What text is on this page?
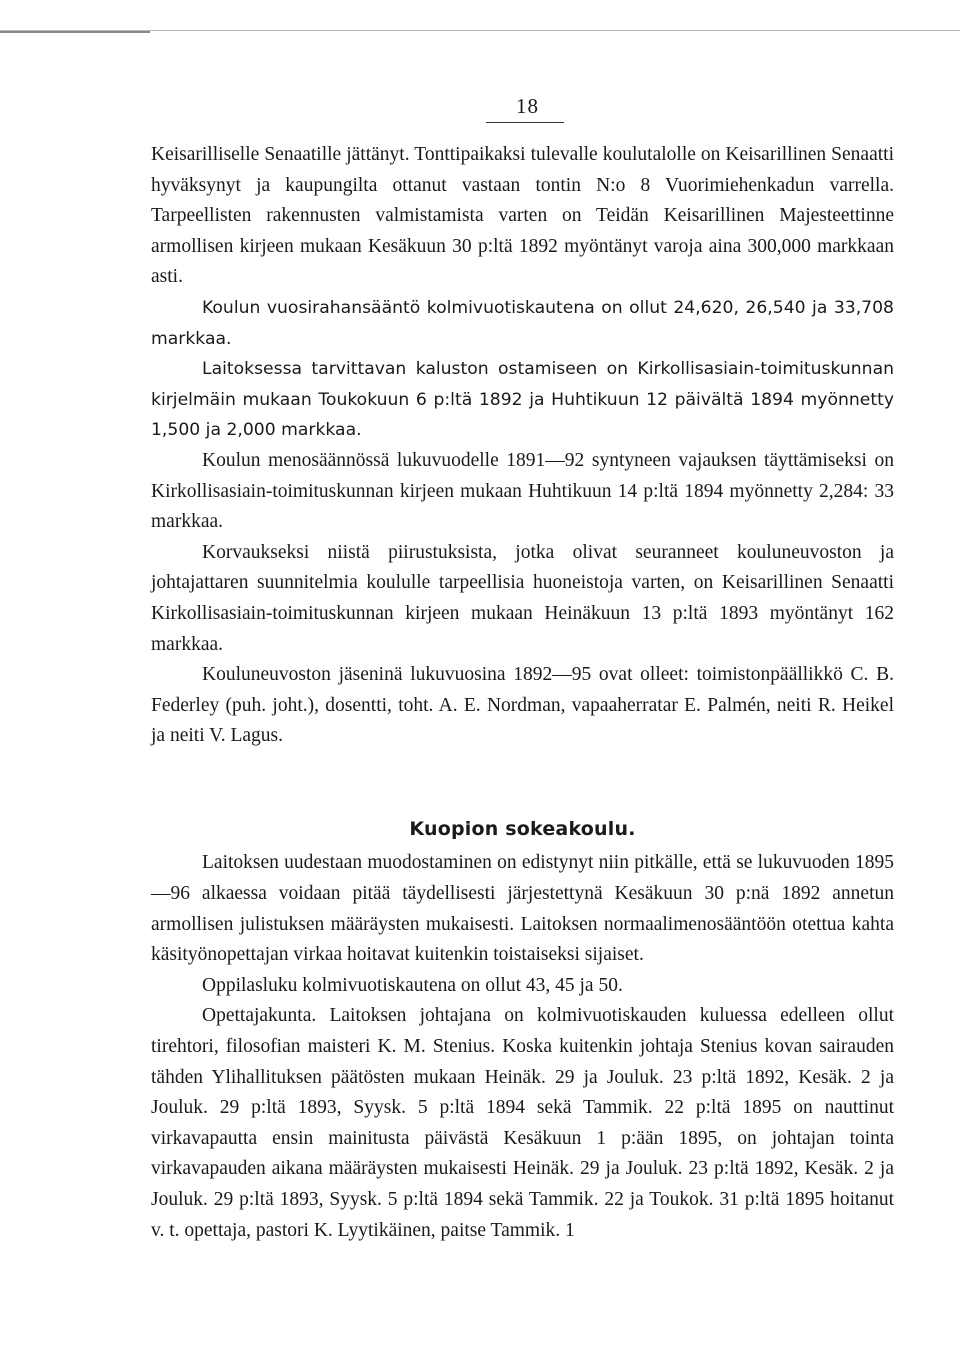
18

Keisarilliselle Senaatille jättänyt. Tonttipaikaksi tulevalle koulutalolle on Keisarillinen Senaatti hyväksynyt ja kaupungilta ottanut vastaan tontin N:o 8 Vuorimiehenkadun varrella. Tarpeellisten rakennusten valmistamista varten on Teidän Keisarillinen Majesteettinne armollisen kirjeen mukaan Kesäkuun 30 p:ltä 1892 myöntänyt varoja aina 300,000 markkaan asti.

Koulun vuosirahansääntö kolmivuotiskautena on ollut 24,620, 26,540 ja 33,708 markkaa.

Laitoksessa tarvittavan kaluston ostamiseen on Kirkollisasiain-toimituskunnan kirjelmäin mukaan Toukokuun 6 p:ltä 1892 ja Huhtikuun 12 päivältä 1894 myönnetty 1,500 ja 2,000 markkaa.

Koulun menosäännössä lukuvuodelle 1891—92 syntyneen vajauksen täyttämiseksi on Kirkollisasiain-toimituskunnan kirjeen mukaan Huhtikuun 14 p:ltä 1894 myönnetty 2,284: 33 markkaa.

Korvaukseksi niistä piirustuksista, jotka olivat seuranneet kouluneuvoston ja johtajattaren suunnitelmia koululle tarpeellisia huoneistoja varten, on Keisarillinen Senaatti Kirkollisasiain-toimituskunnan kirjeen mukaan Heinäkuun 13 p:ltä 1893 myöntänyt 162 markkaa.

Kouluneuvoston jäseninä lukuvuosina 1892—95 ovat olleet: toimistonpäällikkö C. B. Federley (puh. joht.), dosentti, toht. A. E. Nordman, vapaaherratar E. Palmén, neiti R. Heikel ja neiti V. Lagus.

Kuopion sokeakoulu.

Laitoksen uudestaan muodostaminen on edistynyt niin pitkälle, että se lukuvuoden 1895—96 alkaessa voidaan pitää täydellisesti järjestettynä Kesäkuun 30 p:nä 1892 annetun armollisen julistuksen määräysten mukaisesti. Laitoksen normaalimenosääntöön otettua kahta käsityönopettajan virkaa hoitavat kuitenkin toistaiseksi sijaiset.

Oppilasluku kolmivuotiskautena on ollut 43, 45 ja 50.

Opettajakunta. Laitoksen johtajana on kolmivuotiskauden kuluessa edelleen ollut tirehtori, filosofian maisteri K. M. Stenius. Koska kuitenkin johtaja Stenius kovan sairauden tähden Ylihallituksen päätösten mukaan Heinäk. 29 ja Jouluk. 23 p:ltä 1892, Kesäk. 2 ja Jouluk. 29 p:ltä 1893, Syysk. 5 p:ltä 1894 sekä Tammik. 22 p:ltä 1895 on nauttinut virkavapautta ensin mainitusta päivästä Kesäkuun 1 p:ään 1895, on johtajan tointa virkavapauden aikana määräysten mukaisesti Heinäk. 29 ja Jouluk. 23 p:ltä 1892, Kesäk. 2 ja Jouluk. 29 p:ltä 1893, Syysk. 5 p:ltä 1894 sekä Tammik. 22 ja Toukok. 31 p:ltä 1895 hoitanut v. t. opettaja, pastori K. Lyytikäinen, paitse Tammik. 1
